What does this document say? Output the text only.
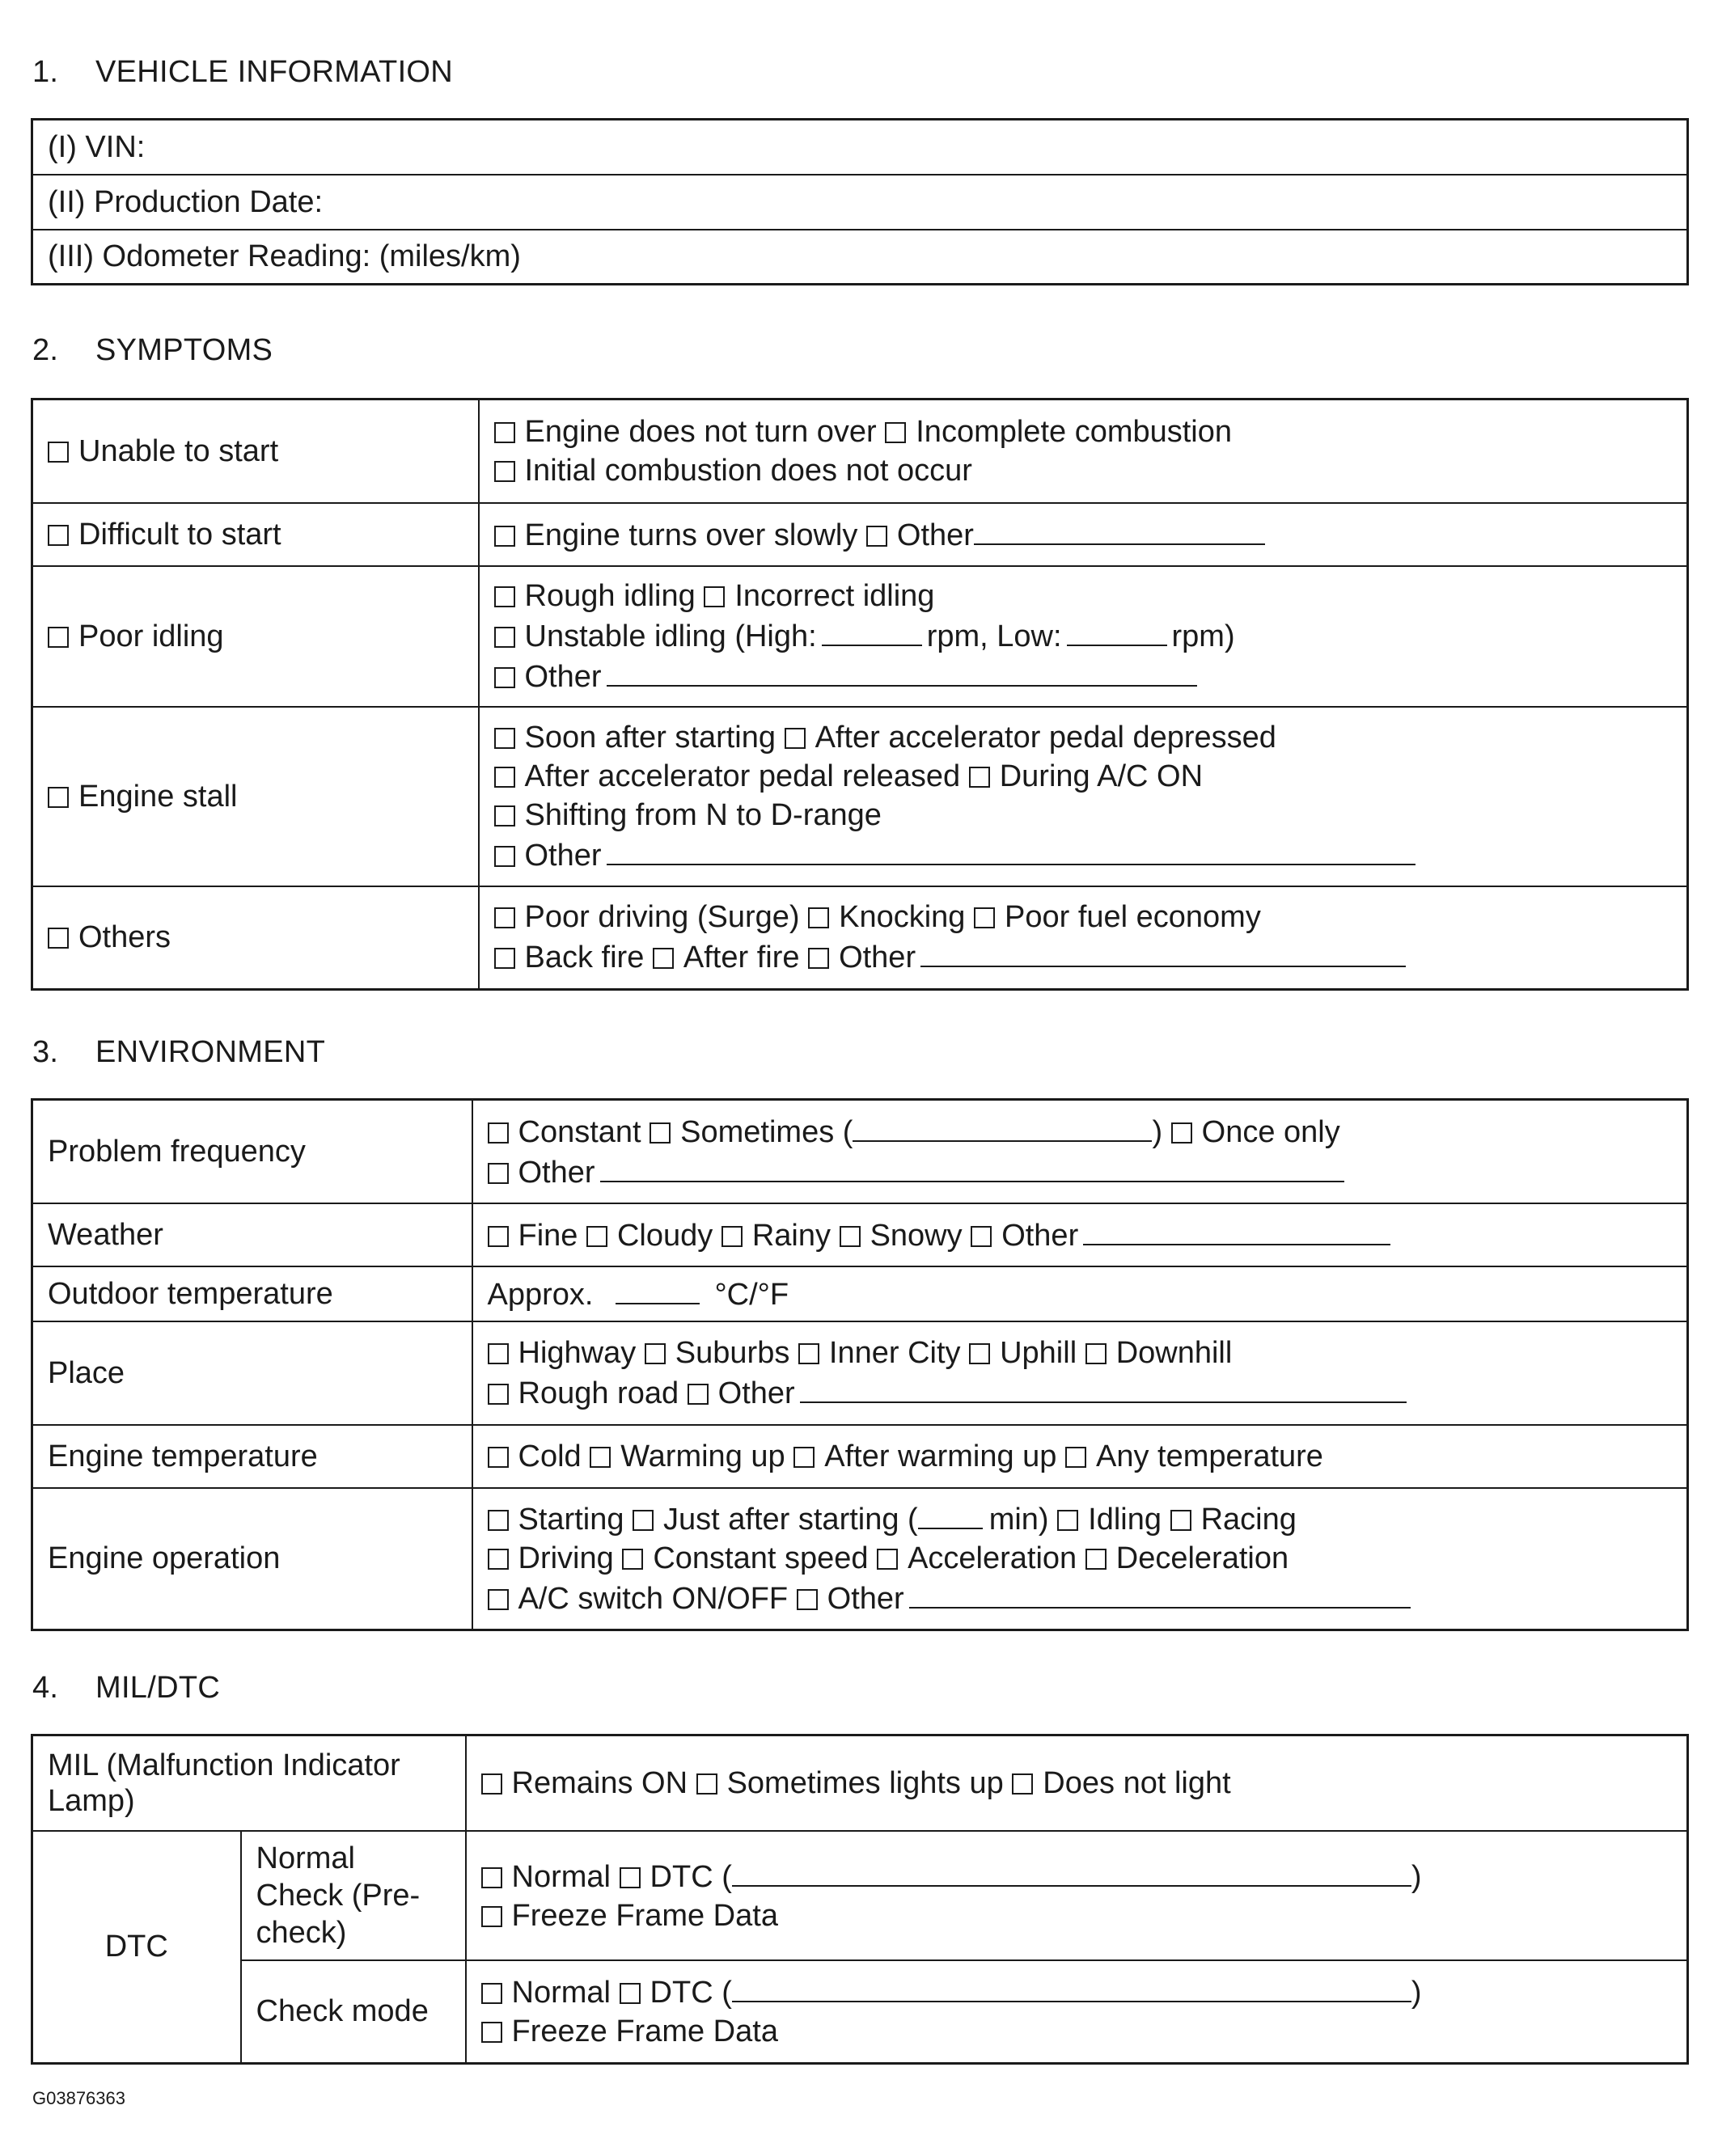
1. VEHICLE INFORMATION
(I) VIN:
(II) Production Date:
(III) Odometer Reading: (miles/km)
2. SYMPTOMS
Unable to start	Engine does not turn over Incomplete combustion
Initial combustion does not occur

Difficult to start	Engine turns over slowly Other

Poor idling	Rough idling Incorrect idling
Unstable idling (High: rpm, Low: rpm)
Other

Engine stall	Soon after starting After accelerator pedal depressed
After accelerator pedal released During A/C ON
Shifting from N to D-range
Other

Others	Poor driving (Surge) Knocking Poor fuel economy
Back fire After fire Other
3. ENVIRONMENT
Problem frequency	Constant Sometimes ( ) Once only
Other

Weather	Fine Cloudy Rainy Snowy Other

Outdoor temperature	Approx. °C/°F

Place	Highway Suburbs Inner City Uphill Downhill
Rough road Other

Engine temperature	Cold Warming up After warming up Any temperature

Engine operation	Starting Just after starting ( min) Idling Racing
Driving Constant speed Acceleration Deceleration
A/C switch ON/OFF Other
4. MIL/DTC
MIL (Malfunction Indicator Lamp)		Remains ON Sometimes lights up Does not light

DTC	Normal Check (Pre-check)	Normal DTC ( )
Freeze Frame Data

	Check mode	Normal DTC ( )
Freeze Frame Data
G03876363
